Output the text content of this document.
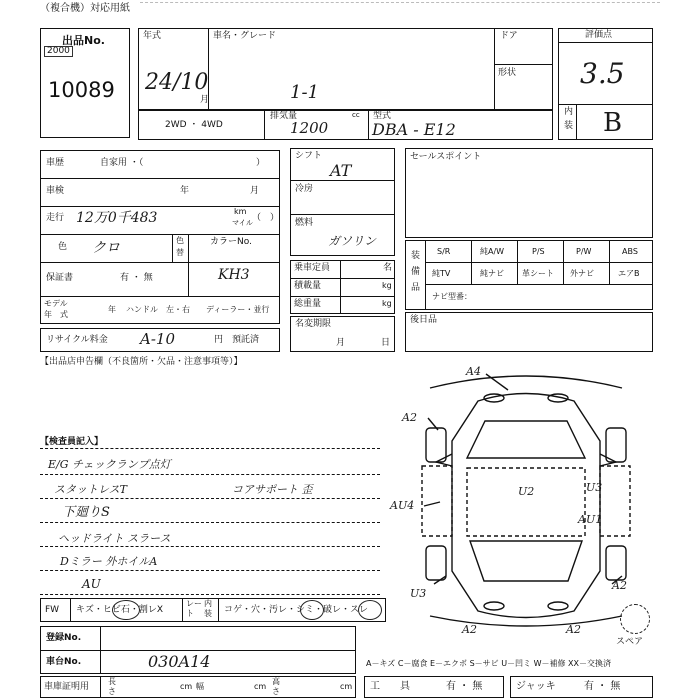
（複合機）対応用紙
出品No.
2000
10089
年式
24/10
月
車名・グレード
1-1
ドア
形状
評価点
3.5
内
装 B
2WD ・ 4WD
排気量	cc
1200
型式
DBA - E12
車歴	自家用 ・（	）
車検	年	月
走行 12万0千483	km
マイル （　）
色 クロ	色
替
カラーNo.
KH3
保証書	有 ・ 無
モデル
年　式
年 ハンドル　左・右 ディーラー・並行
リサイクル料金 A-10	円　預託済
シフト
AT
冷房
燃料
ガソリン
乗車定員	名
積載量	kg
総重量	kg
名変期限
月	日
セールスポイント
装
備
品
S/R	純A/W	P/S	P/W	ABS
純TV	純ナビ 革シート 外ナビ	エアB
ナビ型番：
後日品
【出品店申告欄（不良箇所・欠品・注意事項等）】
【検査員記入】
E/G チェックランプ点灯
スタットレスT
下廻りS
ヘッドライト スラース
Dミラー 外ホイルA
AU
コアサポート 歪
A4
A2
U2	U3
AU4
AU1
U3
A2
A2	A2
スペア
FW キズ・ヒビ石・割レX
レー
ト
内
装 コゲ・穴・汚レ・シミ・破レ・スレ
登録No.
車台No.	030A14	A－キズ C－腐食 E－エクボ S－サビ U－凹ミ W－補修 XX－交換済
車庫証明用
長
さ
cm 幅	cm
高
さ
cm 工　　具	有 ・ 無	ジャッキ	有 ・ 無
